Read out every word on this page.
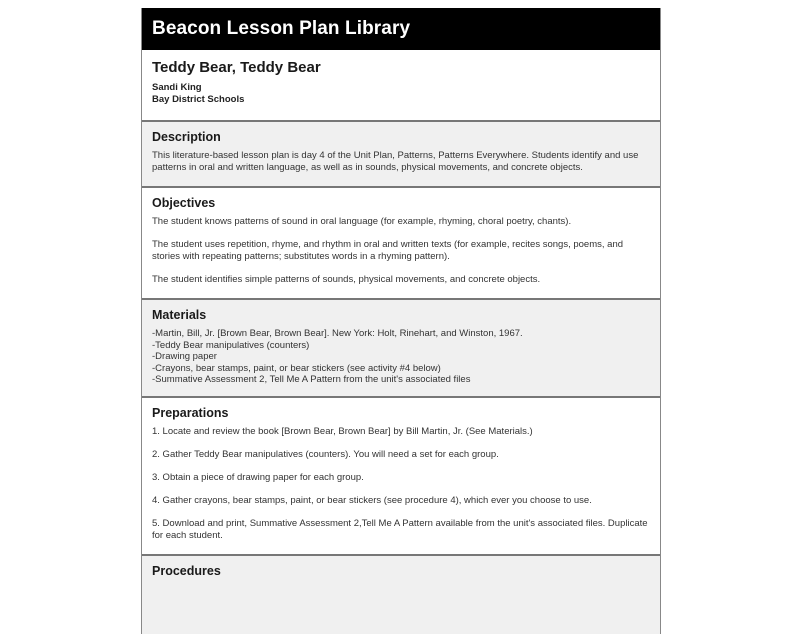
Beacon Lesson Plan Library
Teddy Bear, Teddy Bear
Sandi King
Bay District Schools
Description

This literature-based lesson plan is day 4 of the Unit Plan, Patterns, Patterns Everywhere. Students identify and use patterns in oral and written language, as well as in sounds, physical movements, and concrete objects.

Objectives

The student knows patterns of sound in oral language (for example, rhyming, choral poetry, chants).

The student uses repetition, rhyme, and rhythm in oral and written texts (for example, recites songs, poems, and stories with repeating patterns; substitutes words in a rhyming pattern).

The student identifies simple patterns of sounds, physical movements, and concrete objects.

Materials
-Martin, Bill, Jr. [Brown Bear, Brown Bear]. New York: Holt, Rinehart, and Winston, 1967.
-Teddy Bear manipulatives (counters)
-Drawing paper
-Crayons, bear stamps, paint, or bear stickers (see activity #4 below)
-Summative Assessment 2, Tell Me A Pattern from the unit's associated files
Preparations

1. Locate and review the book [Brown Bear, Brown Bear] by Bill Martin, Jr. (See Materials.)

2. Gather Teddy Bear manipulatives (counters). You will need a set for each group.

3. Obtain a piece of drawing paper for each group.

4. Gather crayons, bear stamps, paint, or bear stickers (see procedure 4), which ever you choose to use.

5. Download and print, Summative Assessment 2,Tell Me A Pattern available from the unit's associated files. Duplicate for each student.

Procedures
